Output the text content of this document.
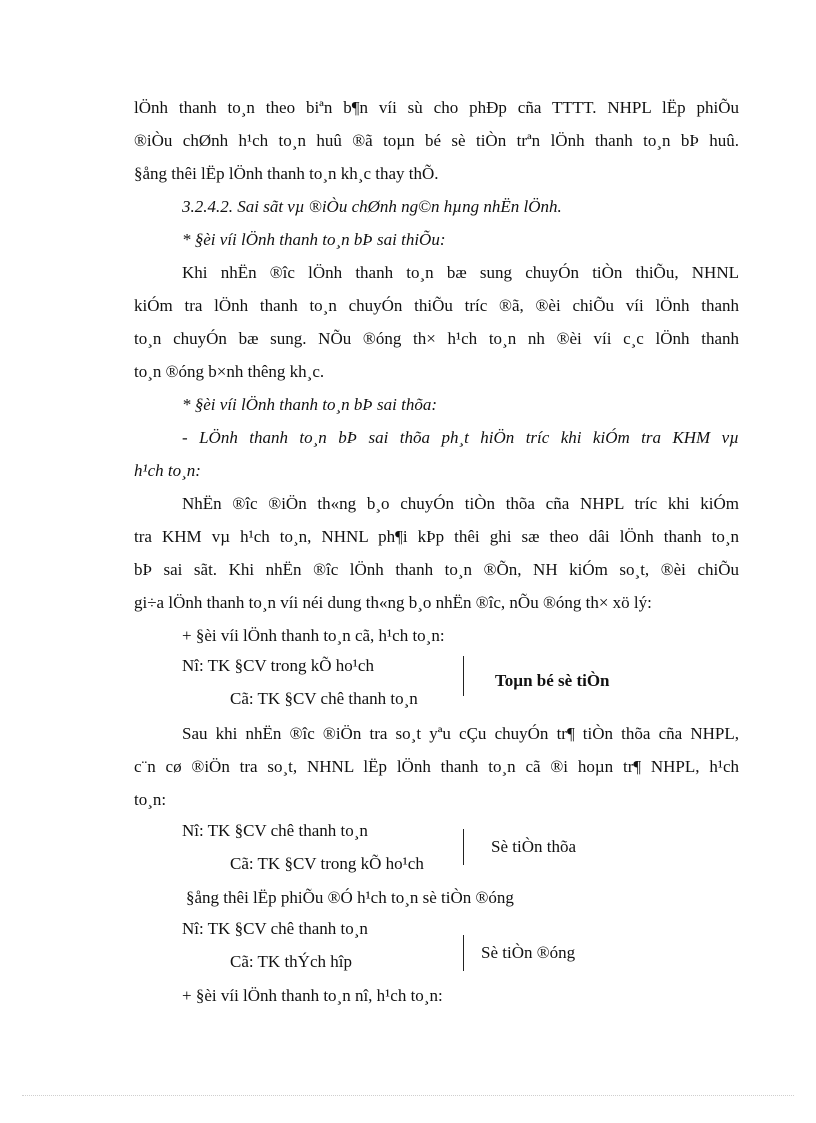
lÖnh thanh to¸n theo biªn b¶n víi sù cho phÐp cña TTTT. NHPL lËp phiÕu
®iÒu chØnh h¹ch to¸n huû ®ã toµn bé sè tiÒn trªn lÖnh thanh to¸n bÞ huû.
§ång thêi lËp lÖnh thanh to¸n kh¸c thay thÕ.
3.2.4.2. Sai sãt vµ ®iÒu chØnh ng©n hµng nhËn lÖnh.
* §èi víi lÖnh thanh to¸n bÞ sai thiÕu:
Khi nhËn ®îc lÖnh thanh to¸n bæ sung chuyÓn tiÒn thiÕu, NHNL
kiÓm tra lÖnh thanh to¸n chuyÓn thiÕu tríc ®ã, ®èi chiÕu víi lÖnh thanh
to¸n chuyÓn bæ sung. NÕu ®óng th× h¹ch to¸n nh ®èi víi c¸c lÖnh thanh
to¸n ®óng b×nh thêng kh¸c.
* §èi víi lÖnh thanh to¸n bÞ sai thõa:
- LÖnh thanh to¸n bÞ sai thõa ph¸t hiÖn tríc khi kiÓm tra KHM vµ
h¹ch to¸n:
NhËn ®îc ®iÖn th«ng b¸o chuyÓn tiÒn thõa cña NHPL tríc khi kiÓm
tra KHM vµ h¹ch to¸n, NHNL ph¶i kÞp thêi ghi sæ theo dâi lÖnh thanh to¸n
bÞ sai sãt. Khi nhËn ®îc lÖnh thanh to¸n ®Õn, NH kiÓm so¸t, ®èi chiÕu
gi÷a lÖnh thanh to¸n víi néi dung th«ng b¸o nhËn ®îc, nÕu ®óng th× xö lý:
+ §èi víi lÖnh thanh to¸n cã, h¹ch to¸n:

Nî: TK §CV trong kÕ ho¹ch

Cã: TK §CV chê thanh to¸n

Toµn bé sè tiÒn

Sau khi nhËn ®îc ®iÖn tra so¸t yªu cÇu chuyÓn tr¶ tiÒn thõa cña NHPL,
c¨n cø ®iÖn tra so¸t, NHNL lËp lÖnh thanh to¸n cã ®i hoµn tr¶ NHPL, h¹ch
to¸n:

Nî: TK §CV chê thanh to¸n

Cã: TK §CV trong kÕ ho¹ch

Sè tiÒn thõa

§ång thêi lËp phiÕu ®Ó h¹ch to¸n sè tiÒn ®óng

Nî: TK §CV chê thanh to¸n

Cã: TK thÝch hîp	Sè tiÒn ®óng

+ §èi víi lÖnh thanh to¸n nî, h¹ch to¸n:
